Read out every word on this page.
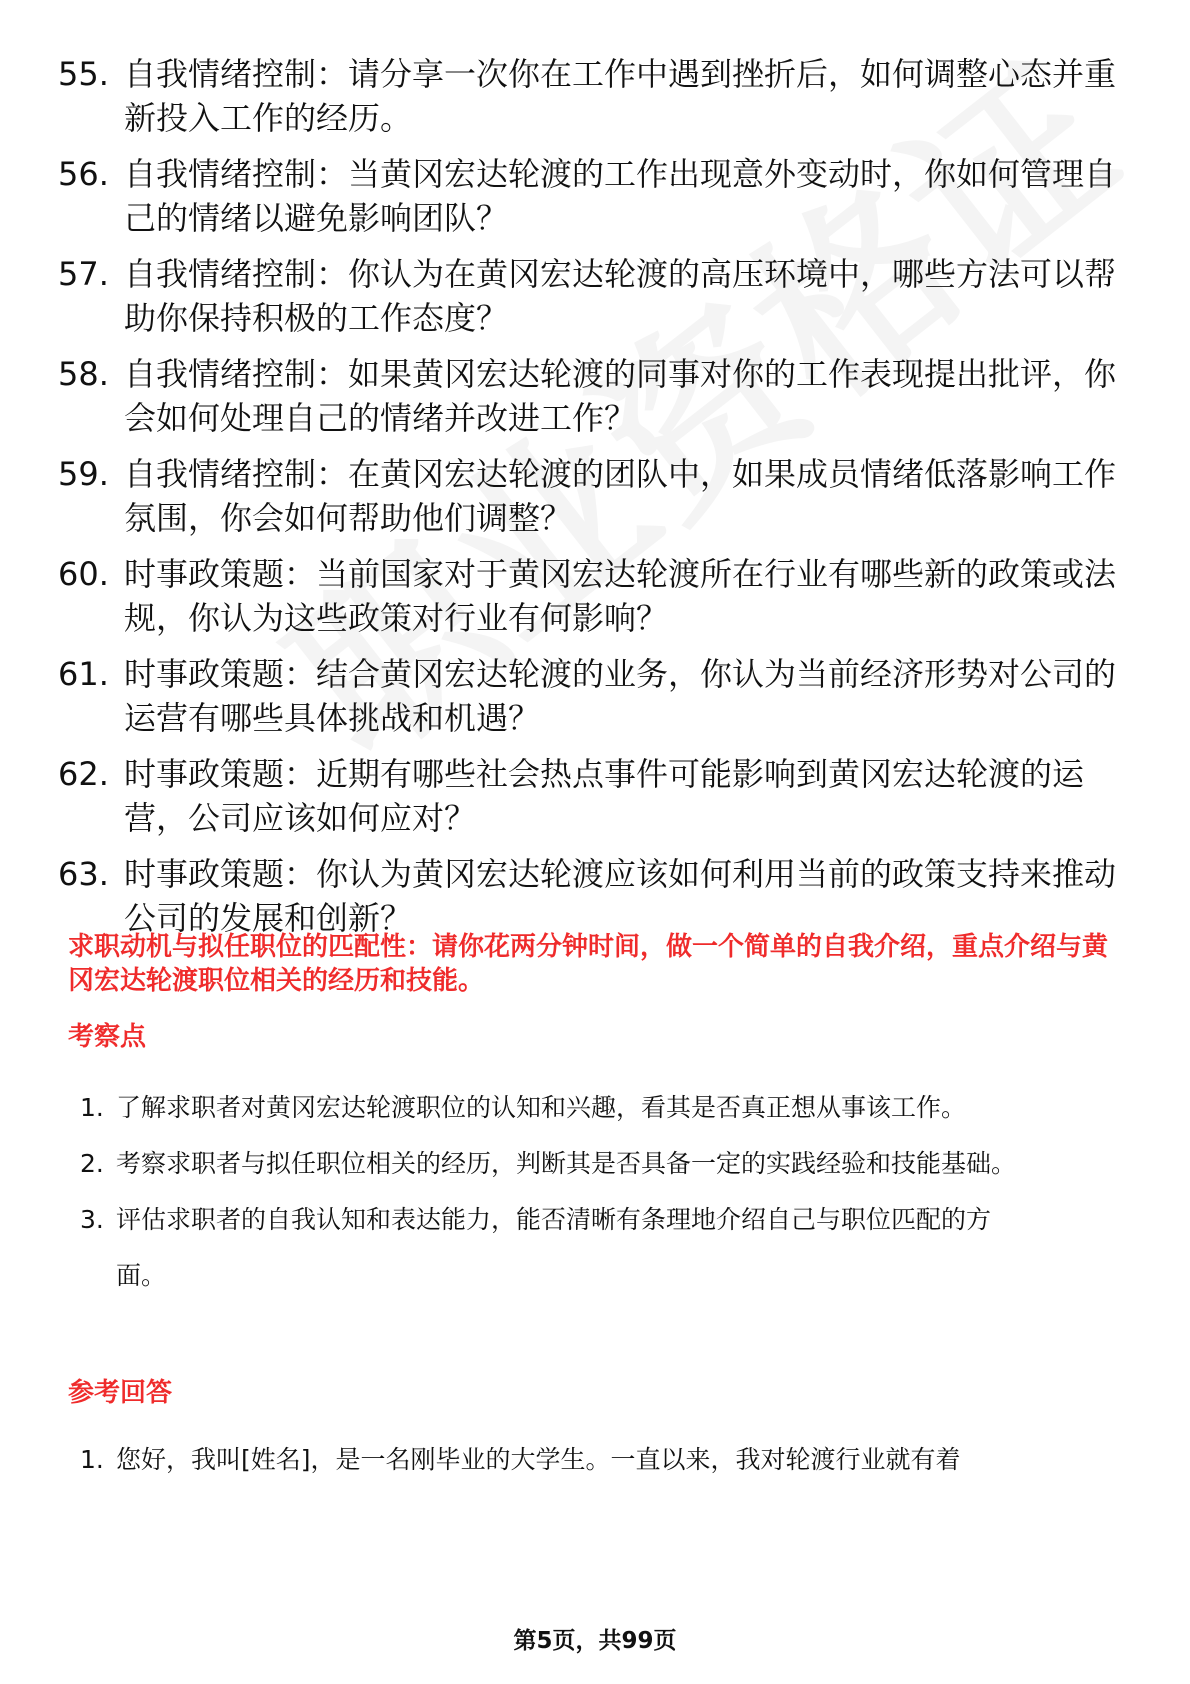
55. 自我情绪控制：请分享一次你在工作中遇到挫折后，如何调整心态并重新投入工作的经历。
56. 自我情绪控制：当黄冈宏达轮渡的工作出现意外变动时，你如何管理自己的情绪以避免影响团队？
57. 自我情绪控制：你认为在黄冈宏达轮渡的高压环境中，哪些方法可以帮助你保持积极的工作态度？
58. 自我情绪控制：如果黄冈宏达轮渡的同事对你的工作表现提出批评，你会如何处理自己的情绪并改进工作？
59. 自我情绪控制：在黄冈宏达轮渡的团队中，如果成员情绪低落影响工作氛围，你会如何帮助他们调整？
60. 时事政策题：当前国家对于黄冈宏达轮渡所在行业有哪些新的政策或法规，你认为这些政策对行业有何影响？
61. 时事政策题：结合黄冈宏达轮渡的业务，你认为当前经济形势对公司的运营有哪些具体挑战和机遇？
62. 时事政策题：近期有哪些社会热点事件可能影响到黄冈宏达轮渡的运营，公司应该如何应对？
63. 时事政策题：你认为黄冈宏达轮渡应该如何利用当前的政策支持来推动公司的发展和创新？

求职动机与拟任职位的匹配性：请你花两分钟时间，做一个简单的自我介绍，重点介绍与黄冈宏达轮渡职位相关的经历和技能。

考察点
1. 了解求职者对黄冈宏达轮渡职位的认知和兴趣，看其是否真正想从事该工作。
2. 考察求职者与拟任职位相关的经历，判断其是否具备一定的实践经验和技能基础。
3. 评估求职者的自我认知和表达能力，能否清晰有条理地介绍自己与职位匹配的方面。
参考回答
1. 您好，我叫[姓名]，是一名刚毕业的大学生。一直以来，我对轮渡行业就有着
第5页，共99页
